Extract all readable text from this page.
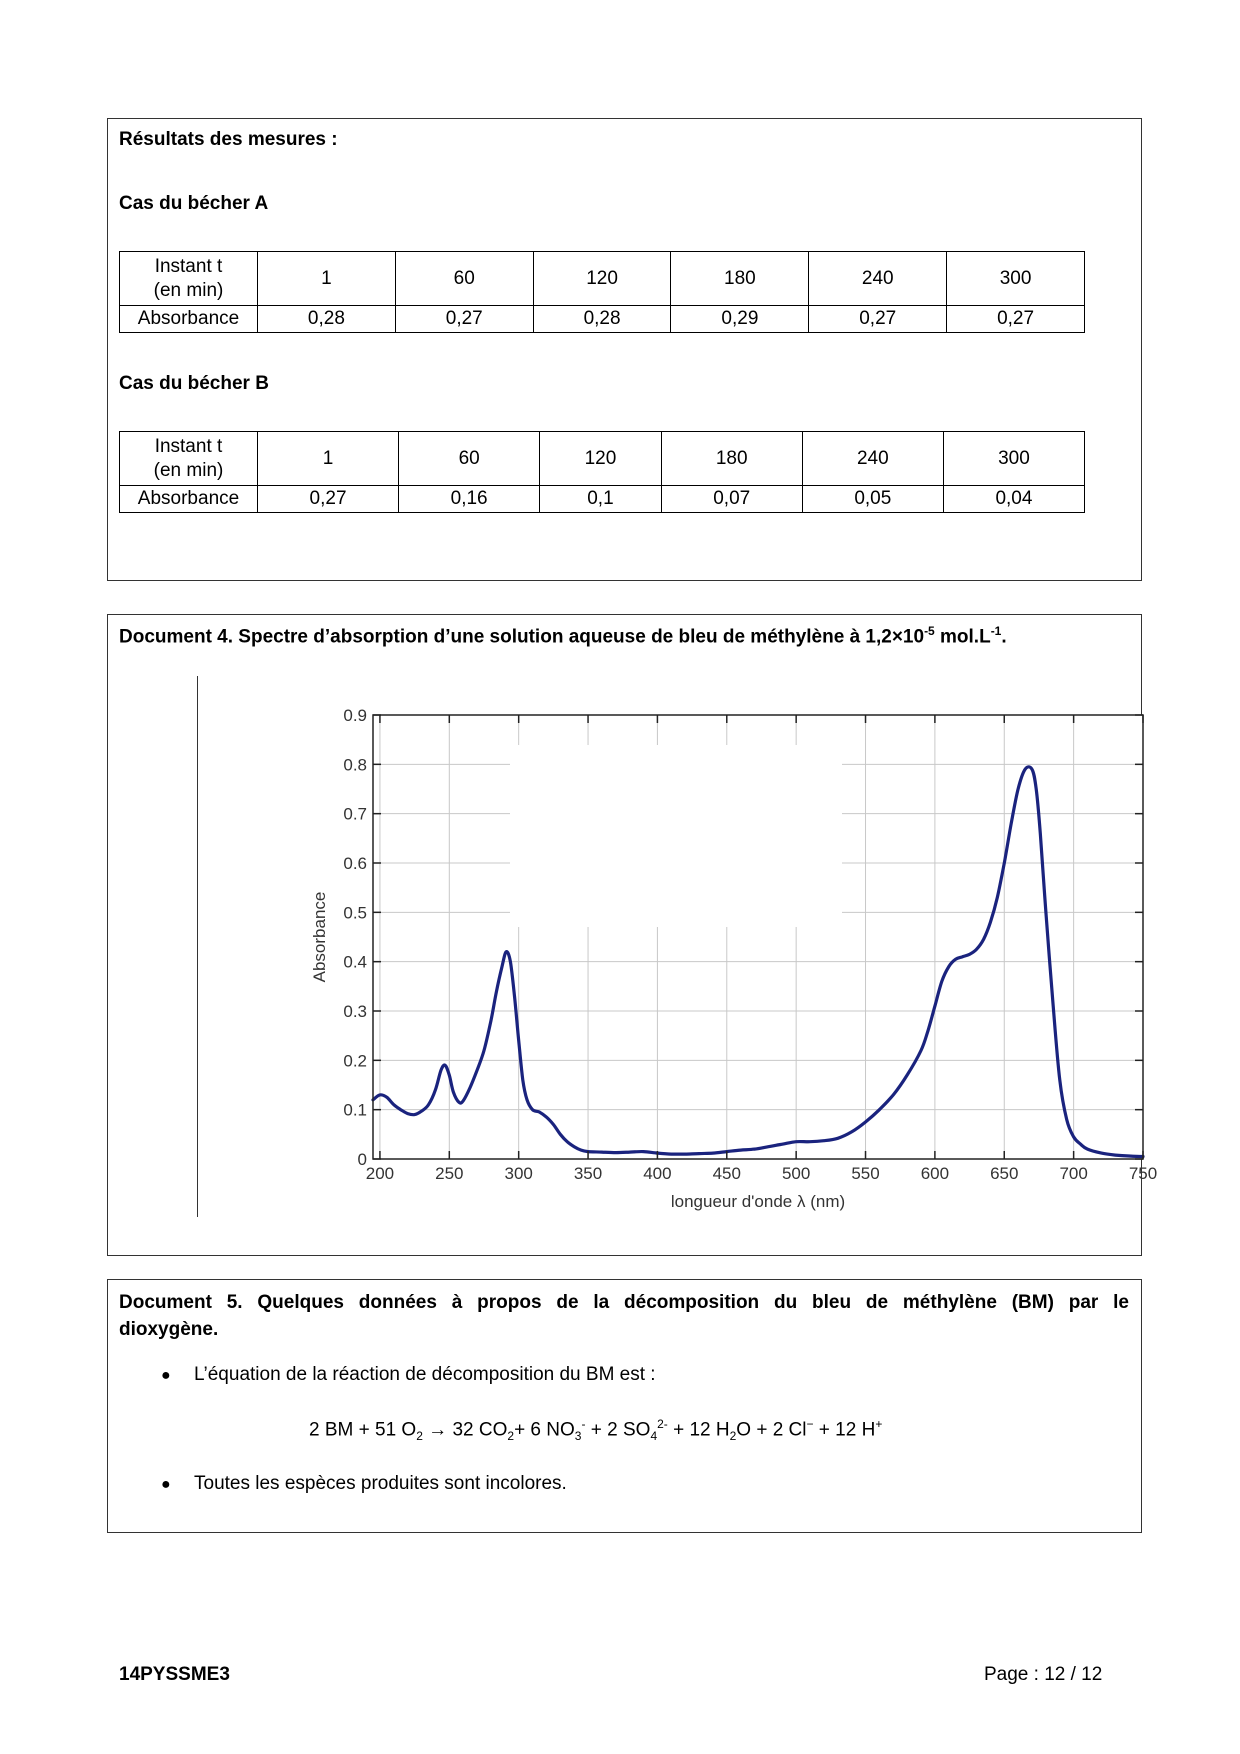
Résultats des mesures :
Cas du bécher A
Instant t
(en min)	1	60	120	180	240	300
Absorbance	0,28	0,27	0,28	0,29	0,27	0,27
Cas du bécher B
Instant t
(en min)	1	60	120	180	240	300
Absorbance	0,27	0,16	0,1	0,07	0,05	0,04
Document 4. Spectre d’absorption d’une solution aqueuse de bleu de méthylène à $1,2\times 10^{-5}$ $mol.L^{-1}$.
200 250 300 350 400 450 500 550 600 650 700 750
0
0.1
0.2
0.3
0.4
0.5
0.6
0.7
0.8
0.9
longueur d'onde λ (nm)
Absorbance
Document 5. Quelques données à propos de la décomposition du bleu de méthylène (BM) par le
dioxygène.
● L’équation de la réaction de décomposition du BM est :
2 BM + 51 $O_2 \to 32$ $CO_2+ 6$ $NO_3^- + 2$ $SO_4^{2-} + 12$ $H_2O + 2$ Cl− + 12 H+
● Toutes les espèces produites sont incolores.
14PYSSME3	Page : 12 / 12
